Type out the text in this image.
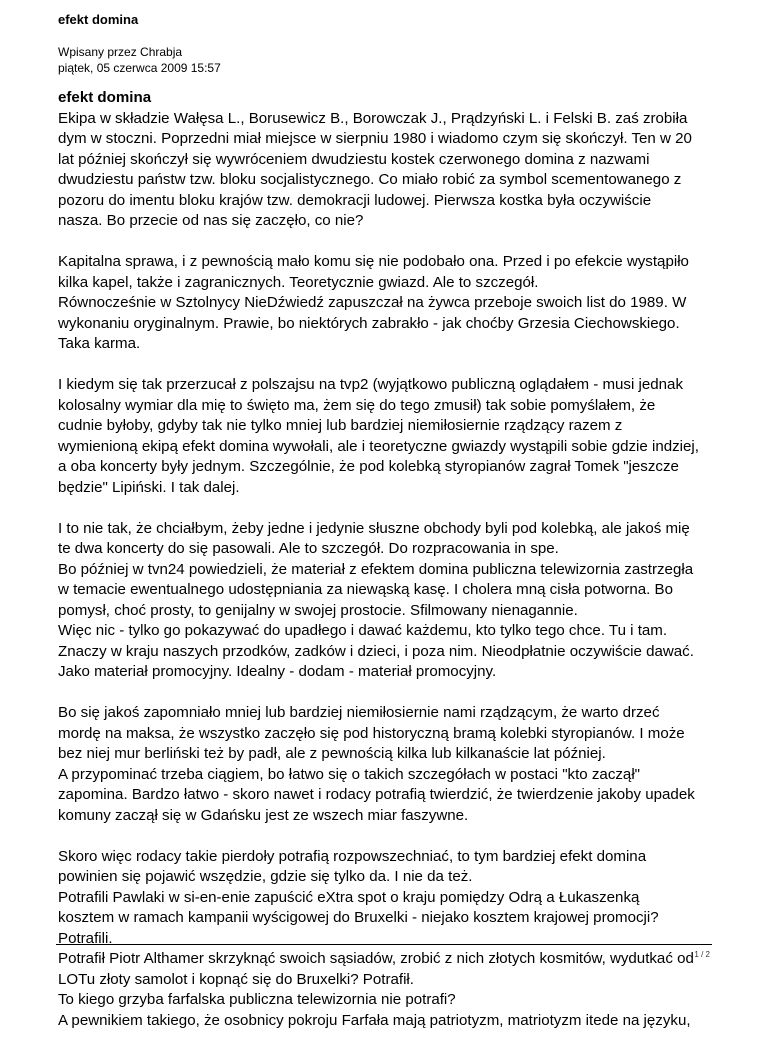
efekt domina
Wpisany przez Chrabja
piątek, 05 czerwca 2009 15:57
efekt domina

Ekipa w składzie Wałęsa L., Borusewicz B., Borowczak J., Prądzyński L. i Felski B. zaś zrobiła
dym w stoczni. Poprzedni miał miejsce w sierpniu 1980 i wiadomo czym się skończył. Ten w 20
lat później skończył się wywróceniem dwudziestu kostek czerwonego domina z nazwami
dwudziestu państw tzw. bloku socjalistycznego. Co miało robić za symbol scementowanego z
pozoru do imentu bloku krajów tzw. demokracji ludowej. Pierwsza kostka była oczywiście
nasza. Bo przecie od nas się zaczęło, co nie?

Kapitalna sprawa, i z pewnością mało komu się nie podobało ona. Przed i po efekcie wystąpiło
kilka kapel, także i zagranicznych. Teoretycznie gwiazd. Ale to szczegół.
Równocześnie w Sztolnycy NieDźwiedź zapuszczał na żywca przeboje swoich list do 1989. W
wykonaniu oryginalnym. Prawie, bo niektórych zabrakło - jak choćby Grzesia Ciechowskiego.
Taka karma.

I kiedym się tak przerzucał z polszajsu na tvp2 (wyjątkowo publiczną oglądałem - musi jednak
kolosalny wymiar dla mię to święto ma, żem się do tego zmusił) tak sobie pomyślałem, że
cudnie byłoby, gdyby tak nie tylko mniej lub bardziej niemiłosiernie rządzący razem z
wymienioną ekipą efekt domina wywołali, ale i teoretyczne gwiazdy wystąpili sobie gdzie indziej,
a oba koncerty były jednym. Szczególnie, że pod kolebką styropianów zagrał Tomek "jeszcze
będzie" Lipiński. I tak dalej.

I to nie tak, że chciałbym, żeby jedne i jedynie słuszne obchody byli pod kolebką, ale jakoś mię
te dwa koncerty do się pasowali. Ale to szczegół. Do rozpracowania in spe.
Bo później w tvn24 powiedzieli, że materiał z efektem domina publiczna telewizornia zastrzegła
w temacie ewentualnego udostępniania za niewąską kasę. I cholera mną cisła potworna. Bo
pomysł, choć prosty, to genijalny w swojej prostocie. Sfilmowany nienagannie.
Więc nic - tylko go pokazywać do upadłego i dawać każdemu, kto tylko tego chce. Tu i tam.
Znaczy w kraju naszych przodków, zadków i dzieci, i poza nim. Nieodpłatnie oczywiście dawać.
Jako materiał promocyjny. Idealny - dodam - materiał promocyjny.

Bo się jakoś zapomniało mniej lub bardziej niemiłosiernie nami rządzącym, że warto drzeć
mordę na maksa, że wszystko zaczęło się pod historyczną bramą kolebki styropianów. I może
bez niej mur berliński też by padł, ale z pewnością kilka lub kilkanaście lat później.
A przypominać trzeba ciągiem, bo łatwo się o takich szczegółach w postaci "kto zaczął"
zapomina. Bardzo łatwo - skoro nawet i rodacy potrafią twierdzić, że twierdzenie jakoby upadek
komuny zaczął się w Gdańsku jest ze wszech miar faszywne.

Skoro więc rodacy takie pierdoły potrafią rozpowszechniać, to tym bardziej efekt domina
powinien się pojawić wszędzie, gdzie się tylko da. I nie da też.
Potrafili Pawlaki w si-en-enie zapuścić eXtra spot o kraju pomiędzy Odrą a Łukaszenką
kosztem w ramach kampanii wyścigowej do Bruxelki - niejako kosztem krajowej promocji?
Potrafili.
Potrafił Piotr Althamer skrzyknąć swoich sąsiadów, zrobić z nich złotych kosmitów, wydutkać od
LOTu złoty samolot i kopnąć się do Bruxelki? Potrafił.
To kiego grzyba farfalska publiczna telewizornia nie potrafi?
A pewnikiem takiego, że osobnicy pokroju Farfała mają patriotyzm, matriotyzm itede na języku,

1 / 2
